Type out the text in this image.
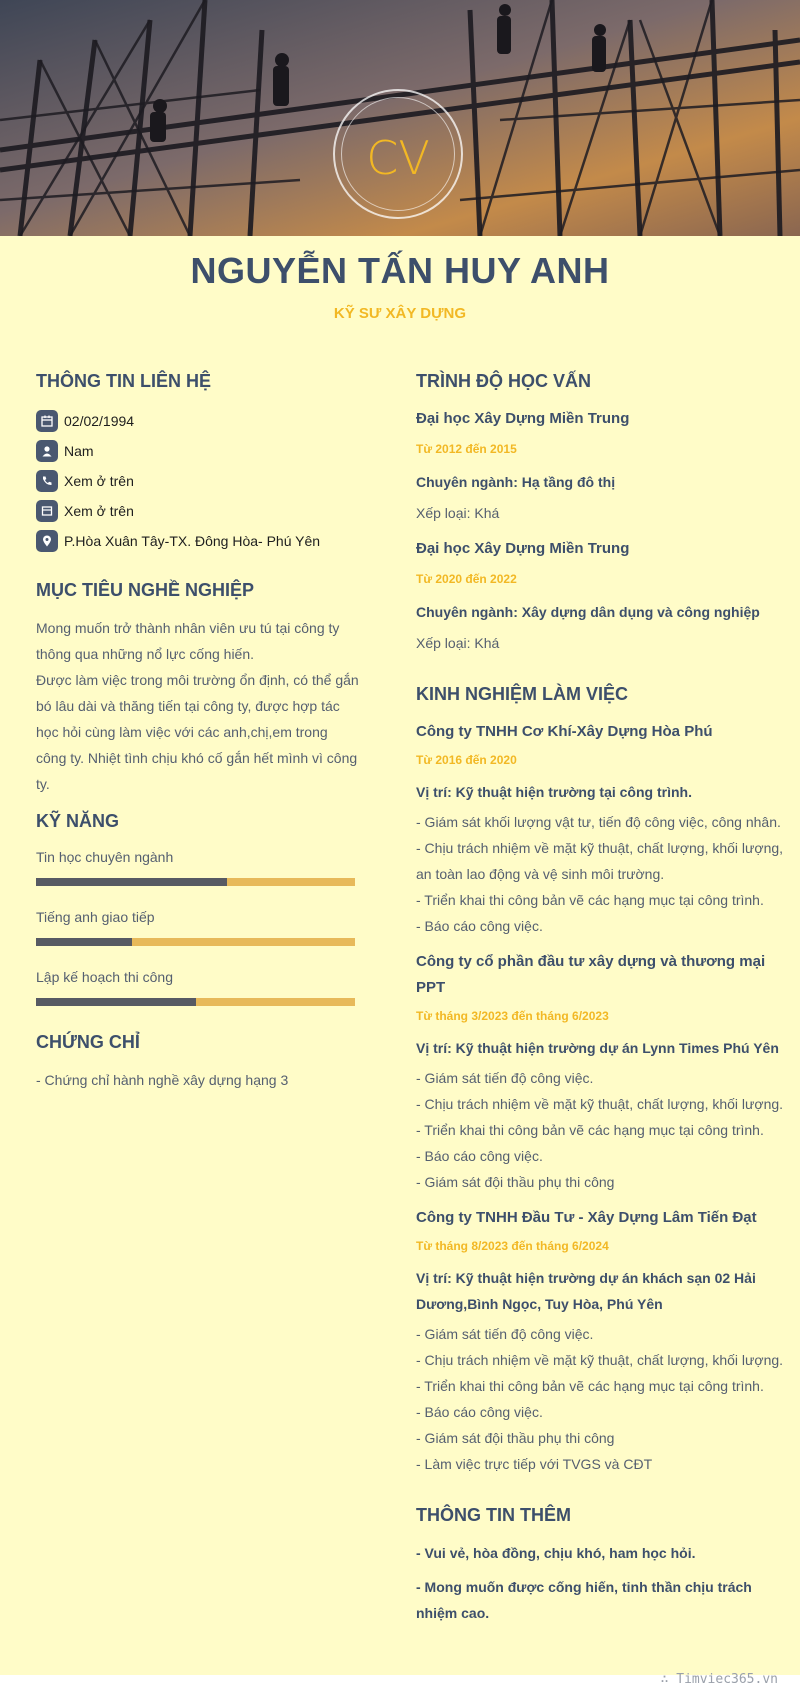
CV
NGUYỄN TẤN HUY ANH
KỸ SƯ XÂY DỰNG
THÔNG TIN LIÊN HỆ
02/02/1994
Nam
Xem ở trên
Xem ở trên
P.Hòa Xuân Tây-TX. Đông Hòa- Phú Yên
MỤC TIÊU NGHỀ NGHIỆP

Mong muốn trở thành nhân viên ưu tú tại công ty
thông qua những nổ lực cống hiến.
Được làm việc trong môi trường ổn định, có thể gắn
bó lâu dài và thăng tiến tại công ty, được hợp tác
học hỏi cùng làm việc với các anh,chị,em trong
công ty. Nhiệt tình chịu khó cố gắn hết mình vì công
ty.

KỸ NĂNG
Tin học chuyên ngành
Tiếng anh giao tiếp
Lập kế hoạch thi công
CHỨNG CHỈ

- Chứng chỉ hành nghề xây dựng hạng 3

TRÌNH ĐỘ HỌC VẤN
Đại học Xây Dựng Miền Trung
Từ 2012 đến 2015
Chuyên ngành: Hạ tầng đô thị
Xếp loại: Khá
Đại học Xây Dựng Miền Trung
Từ 2020 đến 2022
Chuyên ngành: Xây dựng dân dụng và công nghiệp
Xếp loại: Khá
KINH NGHIỆM LÀM VIỆC
Công ty TNHH Cơ Khí-Xây Dựng Hòa Phú
Từ 2016 đến 2020
Vị trí: Kỹ thuật hiện trường tại công trình.
- Giám sát khối lượng vật tư, tiến độ công việc, công nhân.
- Chịu trách nhiệm về mặt kỹ thuật, chất lượng, khối lượng,
an toàn lao động và vệ sinh môi trường.
- Triển khai thi công bản vẽ các hạng mục tại công trình.
- Báo cáo công việc.
Công ty cổ phần đầu tư xây dựng và thương mại PPT
Từ tháng 3/2023 đến tháng 6/2023
Vị trí: Kỹ thuật hiện trường dự án Lynn Times Phú Yên
- Giám sát tiến độ công việc.
- Chịu trách nhiệm về mặt kỹ thuật, chất lượng, khối lượng.
- Triển khai thi công bản vẽ các hạng mục tại công trình.
- Báo cáo công việc.
- Giám sát đội thầu phụ thi công
Công ty TNHH Đầu Tư - Xây Dựng Lâm Tiến Đạt
Từ tháng 8/2023 đến tháng 6/2024
Vị trí: Kỹ thuật hiện trường dự án khách sạn 02 Hải Dương,Bình Ngọc, Tuy Hòa, Phú Yên
- Giám sát tiến độ công việc.
- Chịu trách nhiệm về mặt kỹ thuật, chất lượng, khối lượng.
- Triển khai thi công bản vẽ các hạng mục tại công trình.
- Báo cáo công việc.
- Giám sát đội thầu phụ thi công
- Làm việc trực tiếp với TVGS và CĐT
THÔNG TIN THÊM
- Vui vẻ, hòa đồng, chịu khó, ham học hỏi.
- Mong muốn được cống hiến, tinh thần chịu trách nhiệm cao.
∴ Timviec365.vn
